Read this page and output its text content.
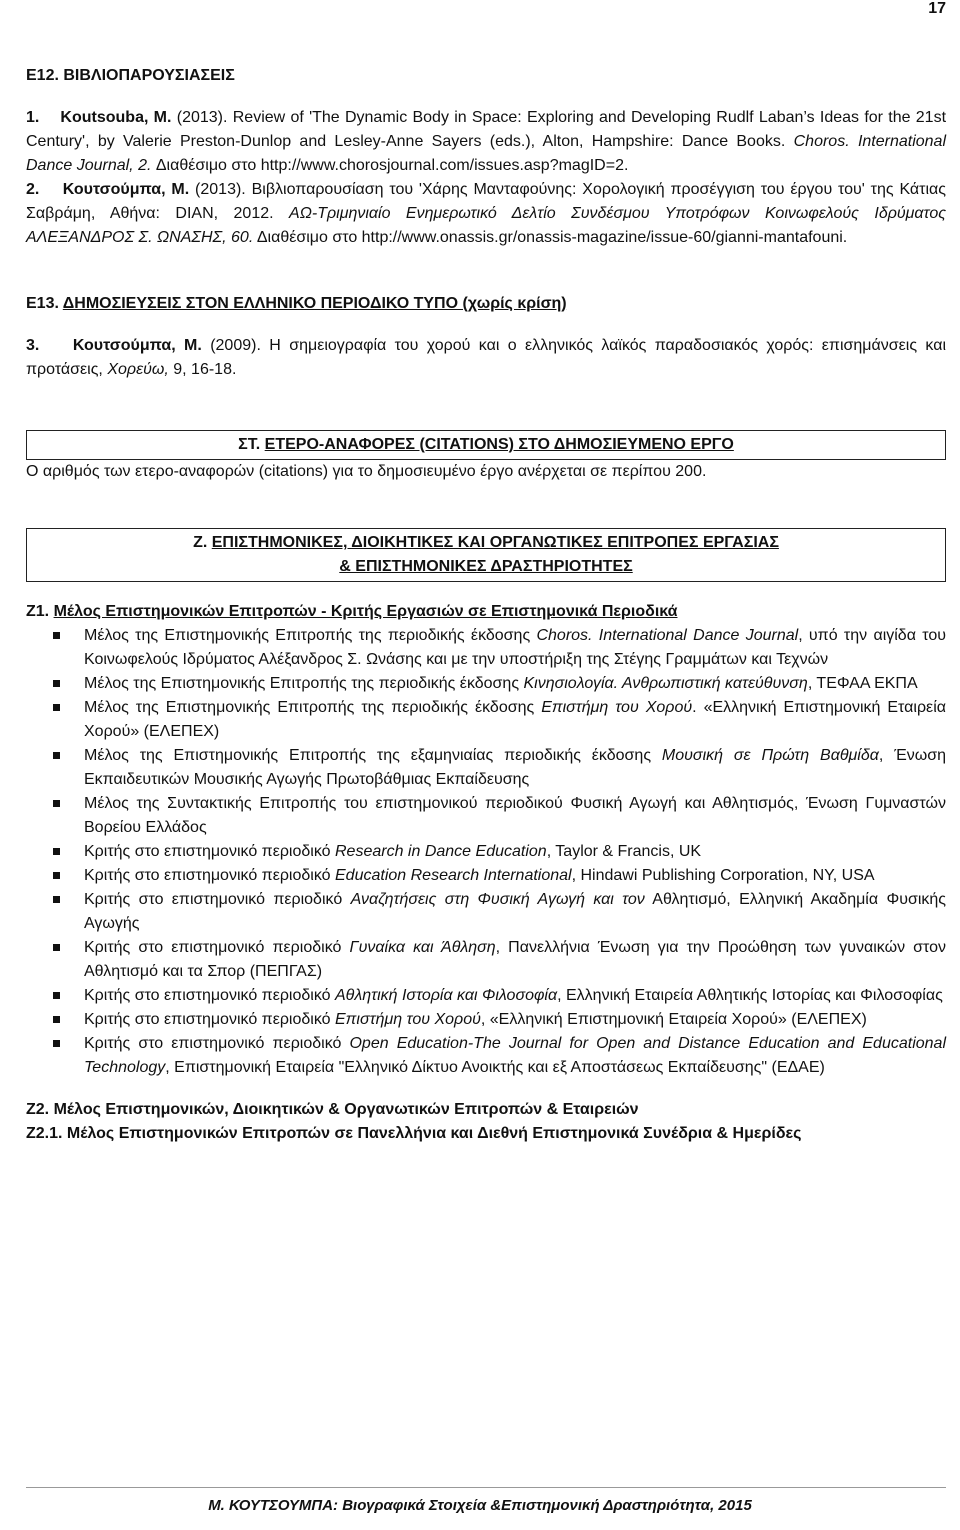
17
Ε12. ΒΙΒΛΙΟΠΑΡΟΥΣΙΑΣΕΙΣ
1. Koutsouba, M. (2013). Review of 'The Dynamic Body in Space: Exploring and Developing Rudlf Laban’s Ideas for the 21st Century', by Valerie Preston-Dunlop and Lesley-Anne Sayers (eds.), Alton, Hampshire: Dance Books. Choros. International Dance Journal, 2. Διαθέσιμο στο http://www.chorosjournal.com/issues.asp?magID=2.
2. Κουτσούμπα, Μ. (2013). Βιβλιοπαρουσίαση του 'Χάρης Μανταφούνης: Χορολογική προσέγγιση του έργου του' της Κάτιας Σαβράμη, Αθήνα: DIAN, 2012. ΑΩ-Τριμηνιαίο Ενημερωτικό Δελτίο Συνδέσμου Υποτρόφων Κοινωφελούς Ιδρύματος ΑΛΕΞΑΝΔΡΟΣ Σ. ΩΝΑΣΗΣ, 60. Διαθέσιμο στο http://www.onassis.gr/onassis-magazine/issue-60/gianni-mantafouni.
Ε13. ΔΗΜΟΣΙΕΥΣΕΙΣ ΣΤΟΝ ΕΛΛΗΝΙΚΟ ΠΕΡΙΟΔΙΚΟ ΤΥΠΟ (χωρίς κρίση)
3. Κουτσούμπα, Μ. (2009). Η σημειογραφία του χορού και ο ελληνικός λαϊκός παραδοσιακός χορός: επισημάνσεις και προτάσεις, Χορεύω, 9, 16-18.
ΣΤ. ΕΤΕΡΟ-ΑΝΑΦΟΡΕΣ (CITATIONS) ΣΤΟ ΔΗΜΟΣΙΕΥΜΕΝΟ ΕΡΓΟ
Ο αριθμός των ετερο-αναφορών (citations) για το δημοσιευμένο έργο ανέρχεται σε περίπου 200.
Ζ. ΕΠΙΣΤΗΜΟΝΙΚΕΣ, ΔΙΟΙΚΗΤΙΚΕΣ ΚΑΙ ΟΡΓΑΝΩΤΙΚΕΣ ΕΠΙΤΡΟΠΕΣ ΕΡΓΑΣΙΑΣ
& ΕΠΙΣΤΗΜΟΝΙΚΕΣ ΔΡΑΣΤΗΡΙΟΤΗΤΕΣ
Ζ1. Μέλος Επιστημονικών Επιτροπών - Κριτής Εργασιών σε Επιστημονικά Περιοδικά
Μέλος της Επιστημονικής Επιτροπής της περιοδικής έκδοσης Choros. International Dance Journal, υπό την αιγίδα του Κοινωφελούς Ιδρύματος Αλέξανδρος Σ. Ωνάσης και με την υποστήριξη της Στέγης Γραμμάτων και Τεχνών
Μέλος της Επιστημονικής Επιτροπής της περιοδικής έκδοσης Κινησιολογία. Ανθρωπιστική κατεύθυνση, ΤΕΦΑΑ ΕΚΠΑ
Μέλος της Επιστημονικής Επιτροπής της περιοδικής έκδοσης Επιστήμη του Χορού. «Ελληνική Επιστημονική Εταιρεία Χορού» (ΕΛΕΠΕΧ)
Μέλος της Επιστημονικής Επιτροπής της εξαμηνιαίας περιοδικής έκδοσης Μουσική σε Πρώτη Βαθμίδα, Ένωση Εκπαιδευτικών Μουσικής Αγωγής Πρωτοβάθμιας Εκπαίδευσης
Μέλος της Συντακτικής Επιτροπής του επιστημονικού περιοδικού Φυσική Αγωγή και Αθλητισμός, Ένωση Γυμναστών Βορείου Ελλάδος
Κριτής στο επιστημονικό περιοδικό Research in Dance Education, Taylor & Francis, UK
Κριτής στο επιστημονικό περιοδικό Education Research International, Hindawi Publishing Corporation, NY, USA
Κριτής στο επιστημονικό περιοδικό Αναζητήσεις στη Φυσική Αγωγή και τον Αθλητισμό, Ελληνική Ακαδημία Φυσικής Αγωγής
Κριτής στο επιστημονικό περιοδικό Γυναίκα και Άθληση, Πανελλήνια Ένωση για την Προώθηση των γυναικών στον Αθλητισμό και τα Σπορ (ΠΕΠΓΑΣ)
Κριτής στο επιστημονικό περιοδικό Αθλητική Ιστορία και Φιλοσοφία, Ελληνική Εταιρεία Αθλητικής Ιστορίας και Φιλοσοφίας
Κριτής στο επιστημονικό περιοδικό Επιστήμη του Χορού, «Ελληνική Επιστημονική Εταιρεία Χορού» (ΕΛΕΠΕΧ)
Κριτής στο επιστημονικό περιοδικό Open Education-The Journal for Open and Distance Education and Educational Technology, Επιστημονική Εταιρεία "Ελληνικό Δίκτυο Ανοικτής και εξ Αποστάσεως Εκπαίδευσης" (ΕΔΑΕ)
Ζ2. Μέλος Επιστημονικών, Διοικητικών & Οργανωτικών Επιτροπών & Εταιρειών
Ζ2.1. Μέλος Επιστημονικών Επιτροπών σε Πανελλήνια και Διεθνή Επιστημονικά Συνέδρια & Ημερίδες
Μ. ΚΟΥΤΣΟΥΜΠΑ: Βιογραφικά Στοιχεία &Επιστημονική Δραστηριότητα, 2015
